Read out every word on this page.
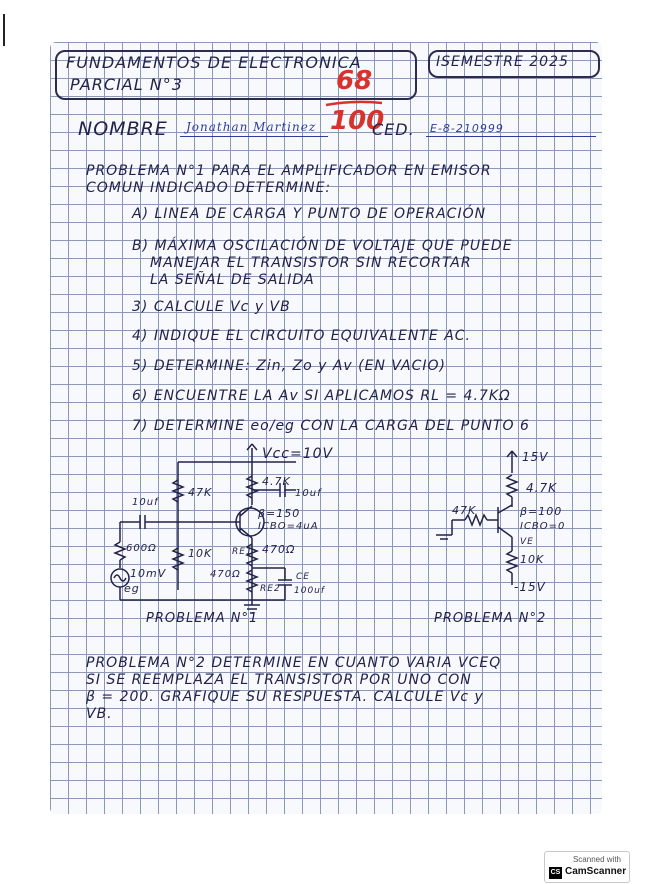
FUNDAMENTOS DE ELECTRONICA	ISEMESTRE 2025
PARCIAL N°3	68
100
NOMBRE Jonathan Martinez	CED. E-8-210999
PROBLEMA N°1 PARA EL AMPLIFICADOR EN EMISOR
COMUN INDICADO DETERMINE:
A) LINEA DE CARGA Y PUNTO DE OPERACIÓN
B) MÁXIMA OSCILACIÓN DE VOLTAJE QUE PUEDE
MANEJAR EL TRANSISTOR SIN RECORTAR
LA SEÑAL DE SALIDA
3) CALCULE Vc y VB
4) INDIQUE EL CIRCUITO EQUIVALENTE AC.
5) DETERMINE: Zin, Zo y Av (EN VACIO)
6) ENCUENTRE LA Av SI APLICAMOS RL = 4.7KΩ
7) DETERMINE eo/eg CON LA CARGA DEL PUNTO 6
Vcc=10V
47K
4.7K
10uf
10uf
β=150
ICBO=4uA
600Ω	10K RE1 470Ω
470Ω
RE2
CE
100uf
10mV
eg
PROBLEMA N°1
15V
4.7K
47K	β=100
ICBO=0
VE
10K
-15V
PROBLEMA N°2
PROBLEMA N°2 DETERMINE EN CUANTO VARIA VCEQ
SI SE REEMPLAZA EL TRANSISTOR POR UNO CON
β = 200. GRAFIQUE SU RESPUESTA. CALCULE Vc y
VB.
Scanned with
CS CamScanner
